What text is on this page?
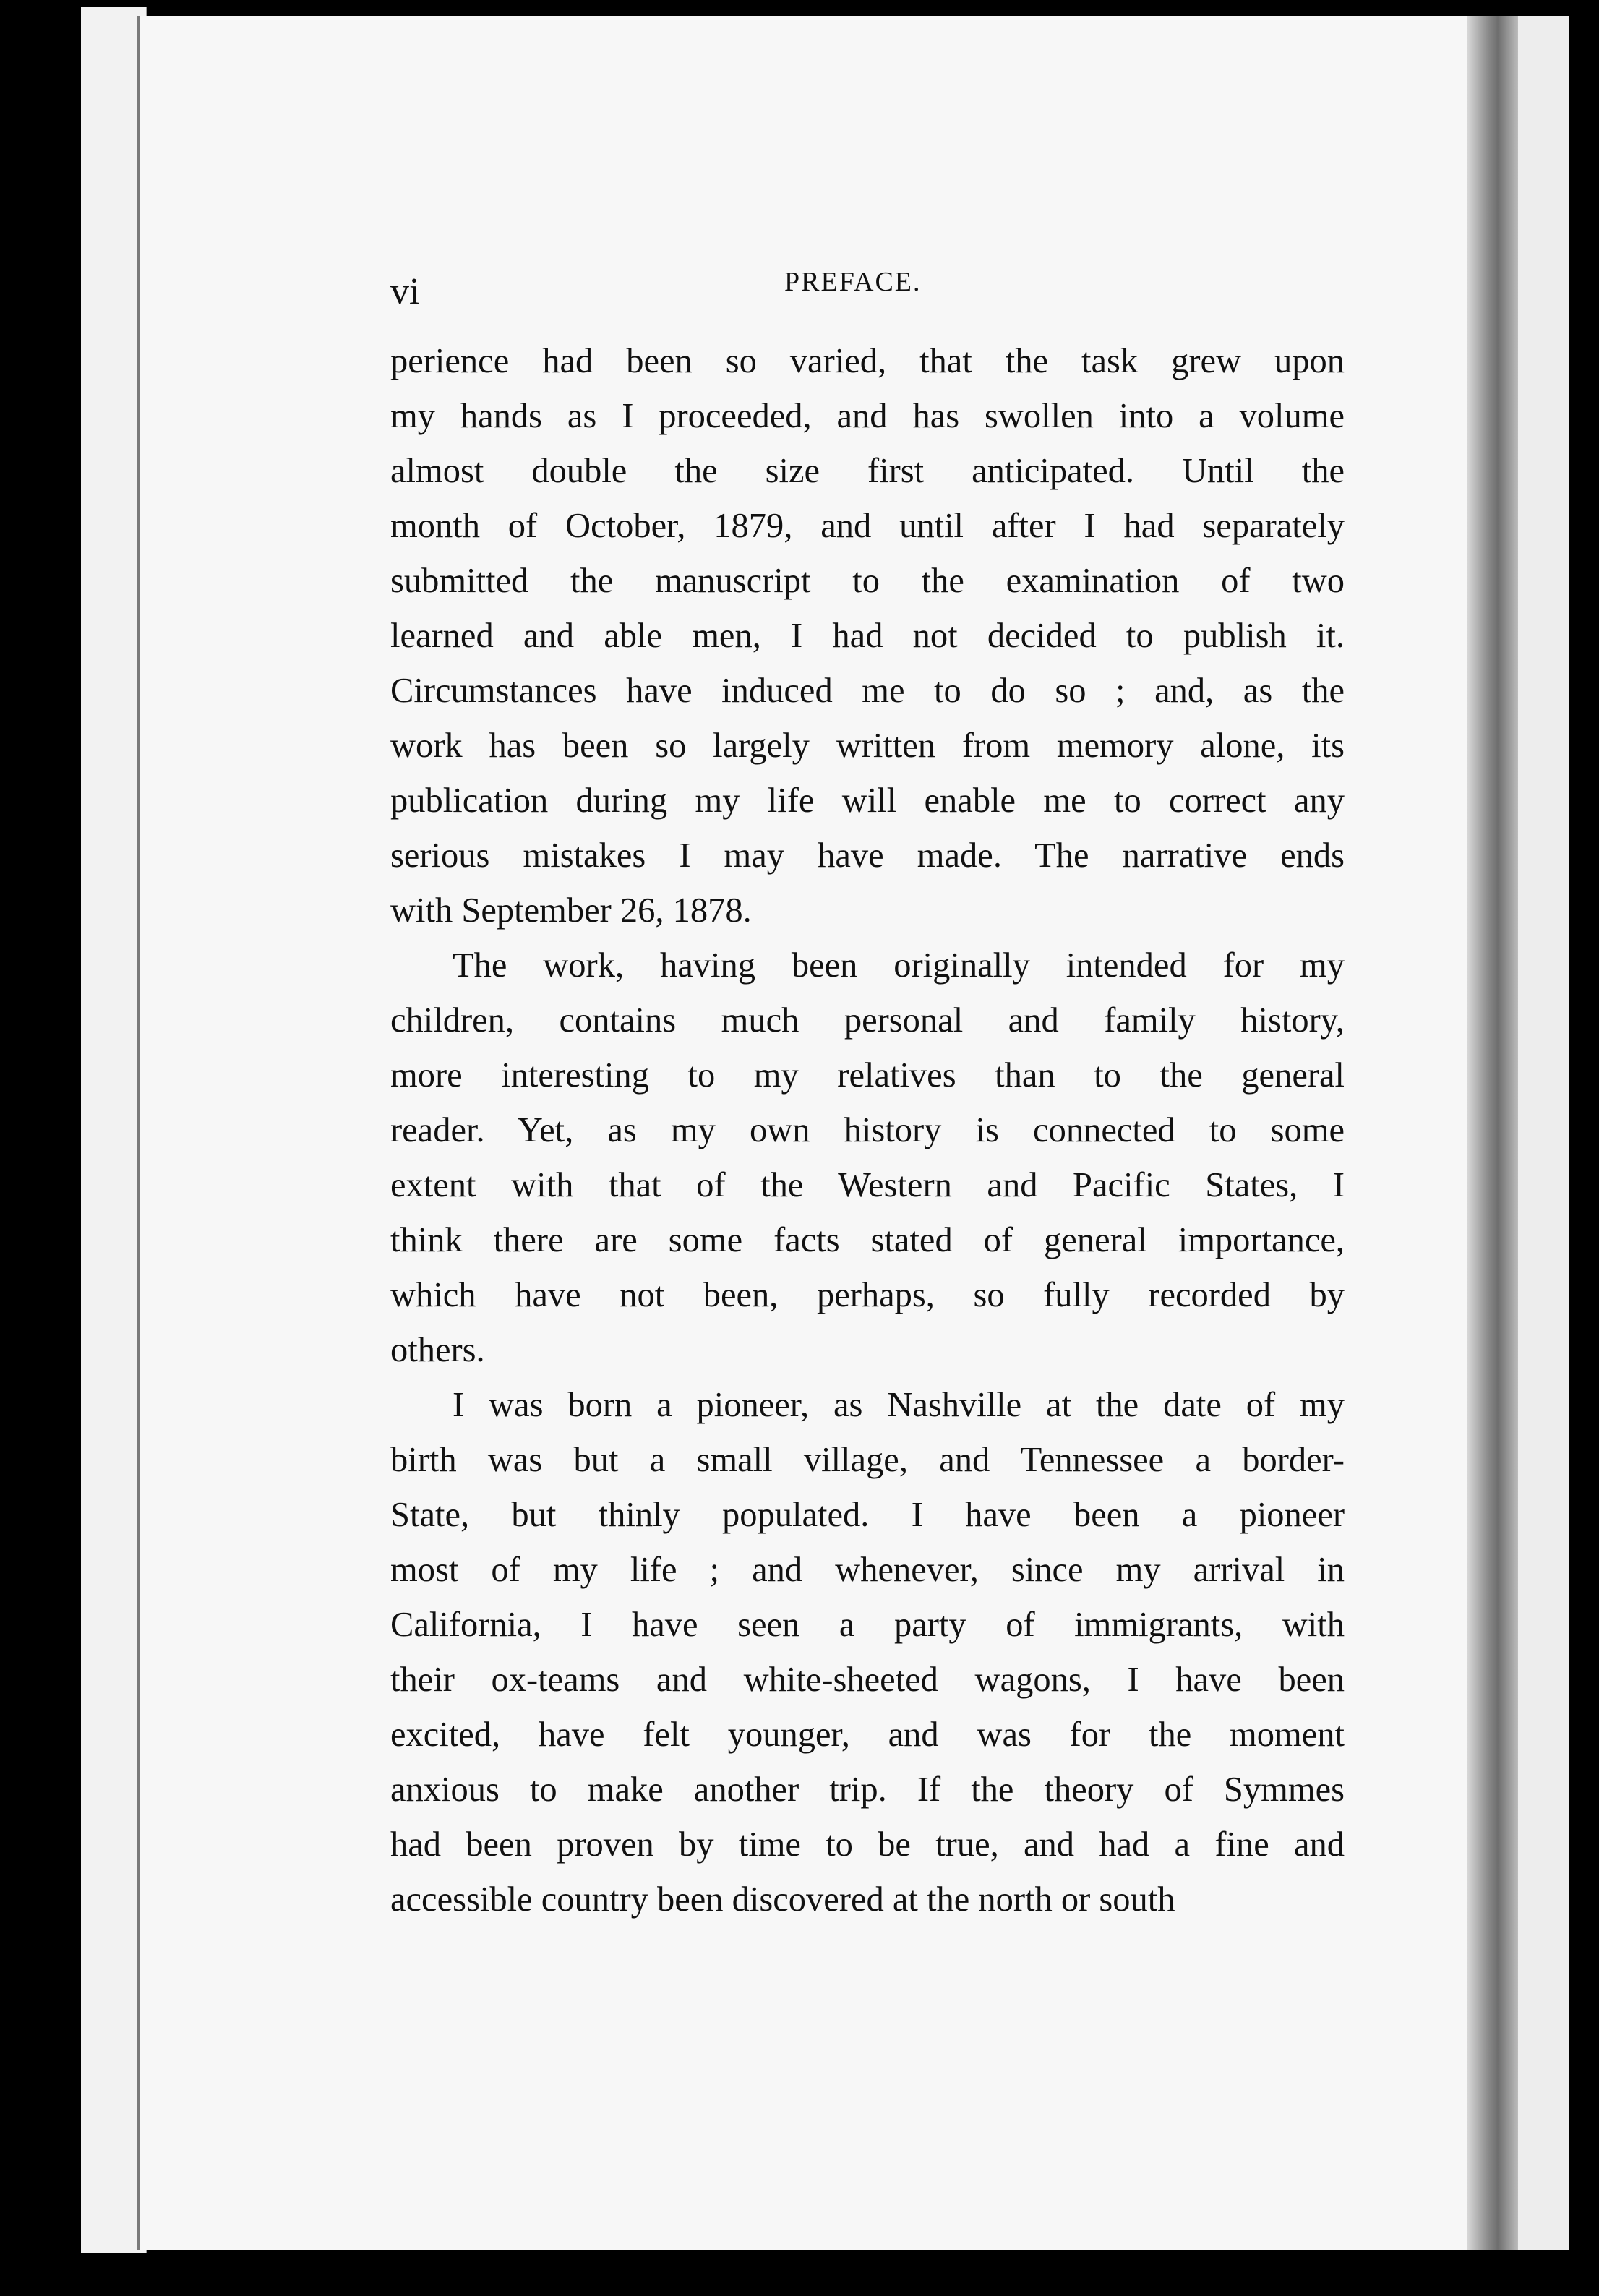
vi	PREFACE.
perience had been so varied, that the task grew upon
my hands as I proceeded, and has swollen into a volume
almost double the size first anticipated. Until the
month of October, 1879, and until after I had separately
submitted the manuscript to the examination of two
learned and able men, I had not decided to publish it.
Circumstances have induced me to do so ; and, as the
work has been so largely written from memory alone, its
publication during my life will enable me to correct any
serious mistakes I may have made. The narrative ends
with September 26, 1878.
The work, having been originally intended for my
children, contains much personal and family history,
more interesting to my relatives than to the general
reader. Yet, as my own history is connected to some
extent with that of the Western and Pacific States, I
think there are some facts stated of general importance,
which have not been, perhaps, so fully recorded by
others.
I was born a pioneer, as Nashville at the date of my
birth was but a small village, and Tennessee a border-
State, but thinly populated. I have been a pioneer
most of my life ; and whenever, since my arrival in
California, I have seen a party of immigrants, with
their ox-teams and white-sheeted wagons, I have been
excited, have felt younger, and was for the moment
anxious to make another trip. If the theory of Symmes
had been proven by time to be true, and had a fine and
accessible country been discovered at the north or south
